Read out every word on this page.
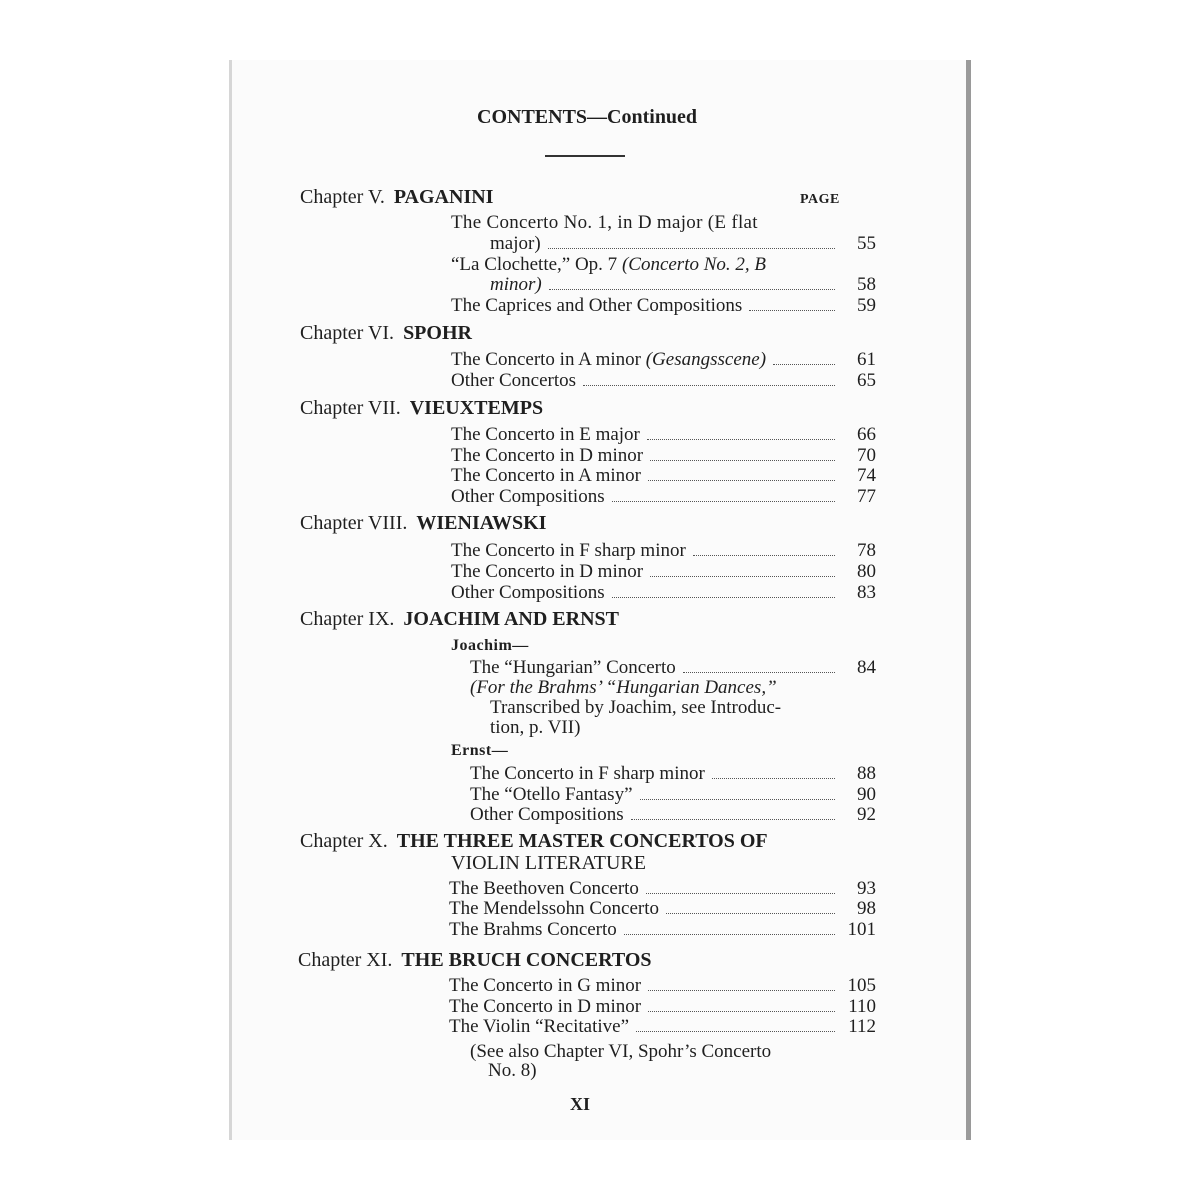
CONTENTS—Continued
Chapter V. PAGANINI	PAGE
The Concerto No. 1, in D major (E flat
major)	55
“La Clochette,” Op. 7 (Concerto No. 2, B
minor)	58
The Caprices and Other Compositions	59
Chapter VI. SPOHR
The Concerto in A minor (Gesangsscene)	61
Other Concertos	65
Chapter VII. VIEUXTEMPS
The Concerto in E major	66
The Concerto in D minor	70
The Concerto in A minor	74
Other Compositions	77
Chapter VIII. WIENIAWSKI
The Concerto in F sharp minor	78
The Concerto in D minor	80
Other Compositions	83
Chapter IX. JOACHIM AND ERNST
Joachim—
The “Hungarian” Concerto	84
(For the Brahms’ “Hungarian Dances,”
Transcribed by Joachim, see Introduc-
tion, p. VII)
Ernst—
The Concerto in F sharp minor	88
The “Otello Fantasy”	90
Other Compositions	92
Chapter X. THE THREE MASTER CONCERTOS OF
VIOLIN LITERATURE
The Beethoven Concerto	93
The Mendelssohn Concerto	98
The Brahms Concerto	101
Chapter XI. THE BRUCH CONCERTOS
The Concerto in G minor	105
The Concerto in D minor	110
The Violin “Recitative”	112
(See also Chapter VI, Spohr’s Concerto
No. 8)
XI
